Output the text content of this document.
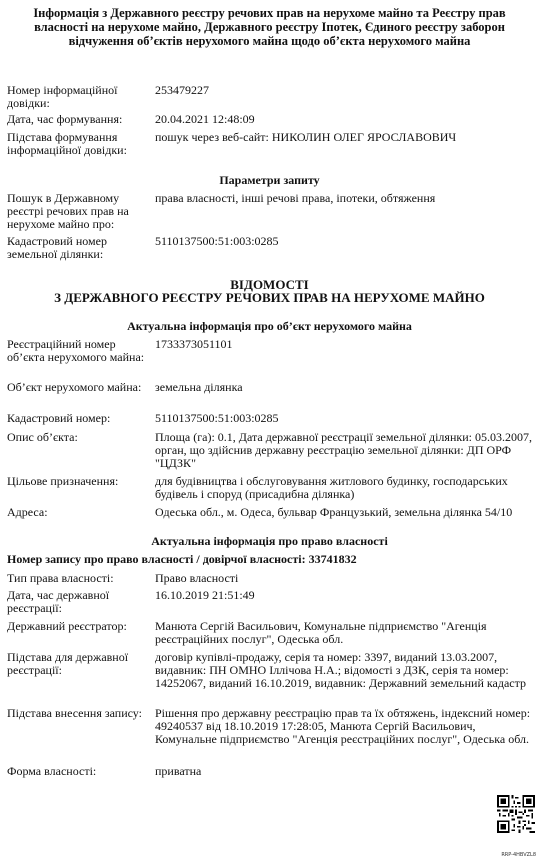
Інформація з Державного реєстру речових прав на нерухоме майно та Реєстру прав
власності на нерухоме майно, Державного реєстру Іпотек, Єдиного реєстру заборон
відчуження об’єктів нерухомого майна щодо об’єкта нерухомого майна
Номер інформаційної довідки:
253479227
Дата, час формування:	20.04.2021 12:48:09
Підстава формування інформаційної довідки:
пошук через веб-сайт: НИКОЛИН ОЛЕГ ЯРОСЛАВОВИЧ
Параметри запиту
Пошук в Державному реєстрі речових прав на нерухоме майно про:
права власності, інші речові права, іпотеки, обтяження
Кадастровий номер земельної ділянки:
5110137500:51:003:0285
ВІДОМОСТІ
З ДЕРЖАВНОГО РЕЄСТРУ РЕЧОВИХ ПРАВ НА НЕРУХОМЕ МАЙНО
Актуальна інформація про об’єкт нерухомого майна
Реєстраційний номер об’єкта нерухомого майна:
1733373051101
Об’єкт нерухомого майна:	земельна ділянка
Кадастровий номер:	5110137500:51:003:0285
Опис об’єкта:	Площа (га): 0.1, Дата державної реєстрації земельної ділянки: 05.03.2007, орган, що здійснив державну реєстрацію земельної ділянки: ДП ОРФ "ЦДЗК"
Цільове призначення:	для будівництва і обслуговування житлового будинку, господарських будівель і споруд (присадибна ділянка)
Адреса:	Одеська обл., м. Одеса, бульвар Французький, земельна ділянка 54/10
Актуальна інформація про право власності
Номер запису про право власності / довірчої власності: 33741832
Тип права власності:	Право власності
Дата, час державної реєстрації:
16.10.2019 21:51:49
Державний реєстратор:	Манюта Сергій Васильович, Комунальне підприємство "Агенція реєстраційних послуг", Одеська обл.
Підстава для державної реєстрації:
договір купівлі-продажу, серія та номер: 3397, виданий 13.03.2007, видавник: ПН ОМНО Іллічова Н.А.; відомості з ДЗК, серія та номер: 14252067, виданий 16.10.2019, видавник: Державний земельний кадастр
Підстава внесення запису:	Рішення про державну реєстрацію прав та їх обтяжень, індексний номер: 49240537 від 18.10.2019 17:28:05, Манюта Сергій Васильович, Комунальне підприємство "Агенція реєстраційних послуг", Одеська обл.
Форма власності:	приватна
RRP-4HBVZL8
